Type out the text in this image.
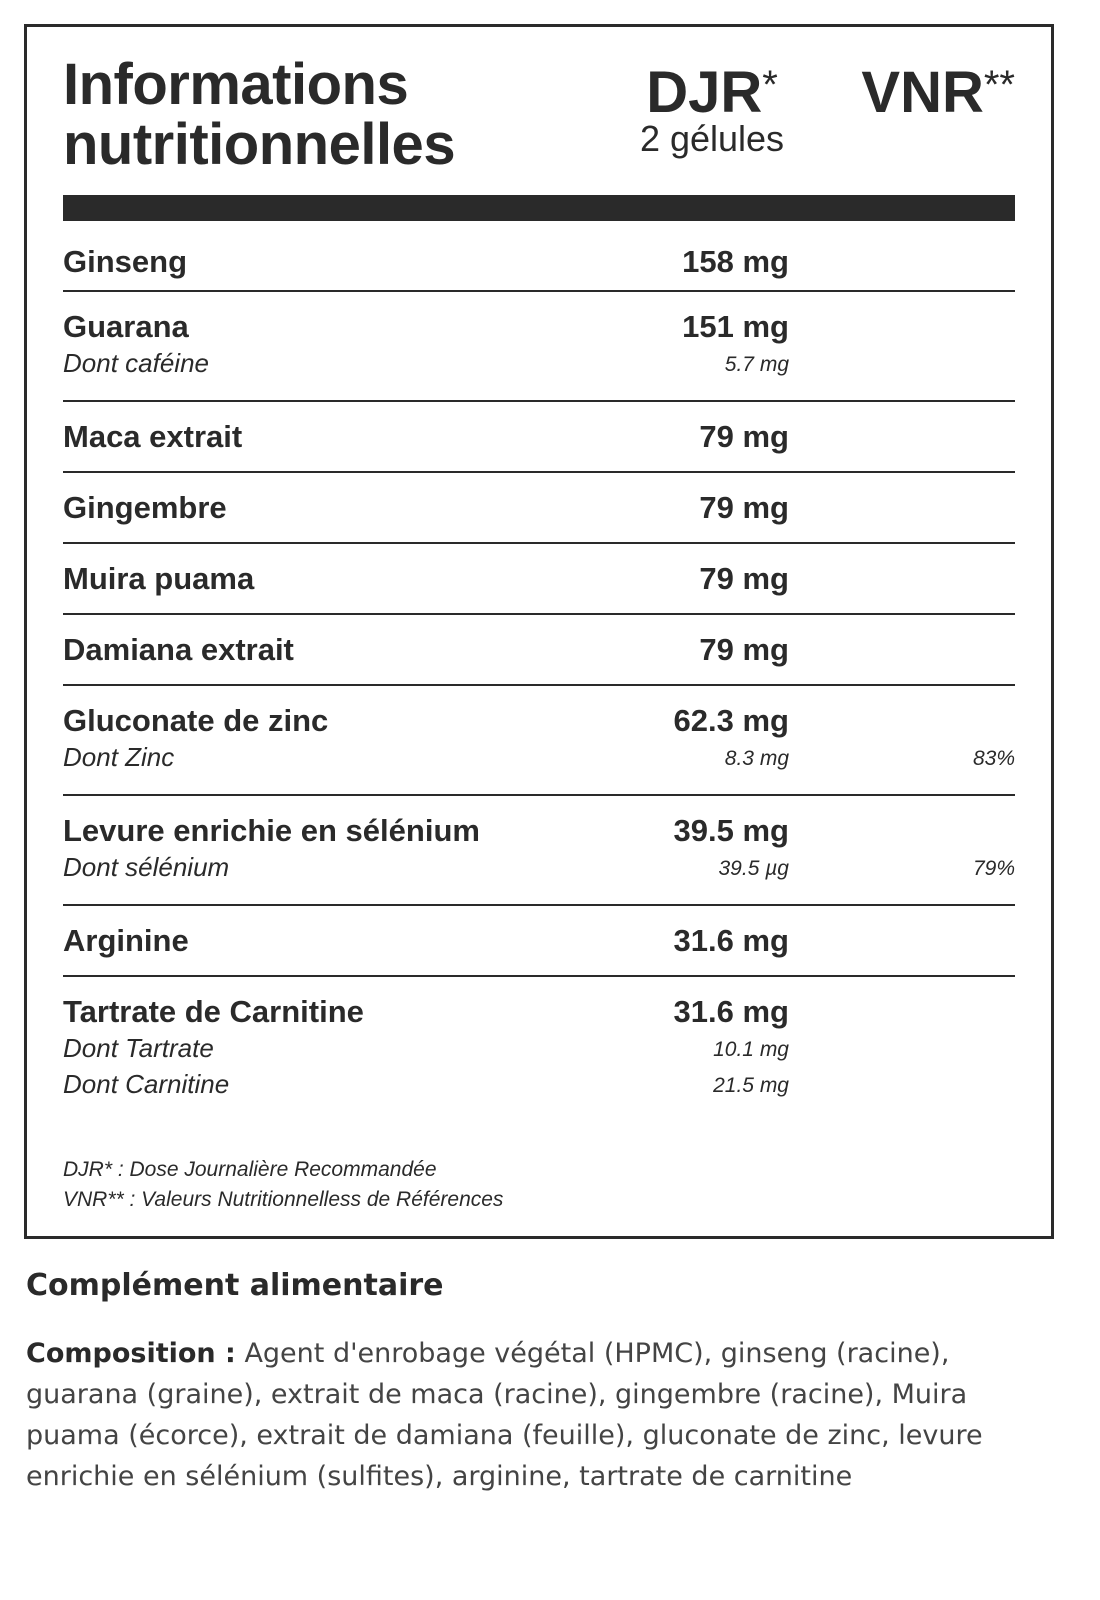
Informations
nutritionnelles
DJR*
2 gélules
VNR**
Ginseng	158 mg
Guarana	151 mg
Dont caféine	5.7 mg
Maca extrait	79 mg
Gingembre	79 mg
Muira puama	79 mg
Damiana extrait	79 mg
Gluconate de zinc	62.3 mg
Dont Zinc	8.3 mg	83%
Levure enrichie en sélénium	39.5 mg
Dont sélénium	39.5 µg	79%
Arginine	31.6 mg
Tartrate de Carnitine	31.6 mg
Dont Tartrate	10.1 mg
Dont Carnitine	21.5 mg
DJR* : Dose Journalière Recommandée
VNR** : Valeurs Nutritionnelless de Références
Complément alimentaire
Composition : Agent d'enrobage végétal (HPMC), ginseng (racine), guarana (graine), extrait de maca (racine), gingembre (racine), Muira puama (écorce), extrait de damiana (feuille), gluconate de zinc, levure enrichie en sélénium (sulfites), arginine, tartrate de carnitine
